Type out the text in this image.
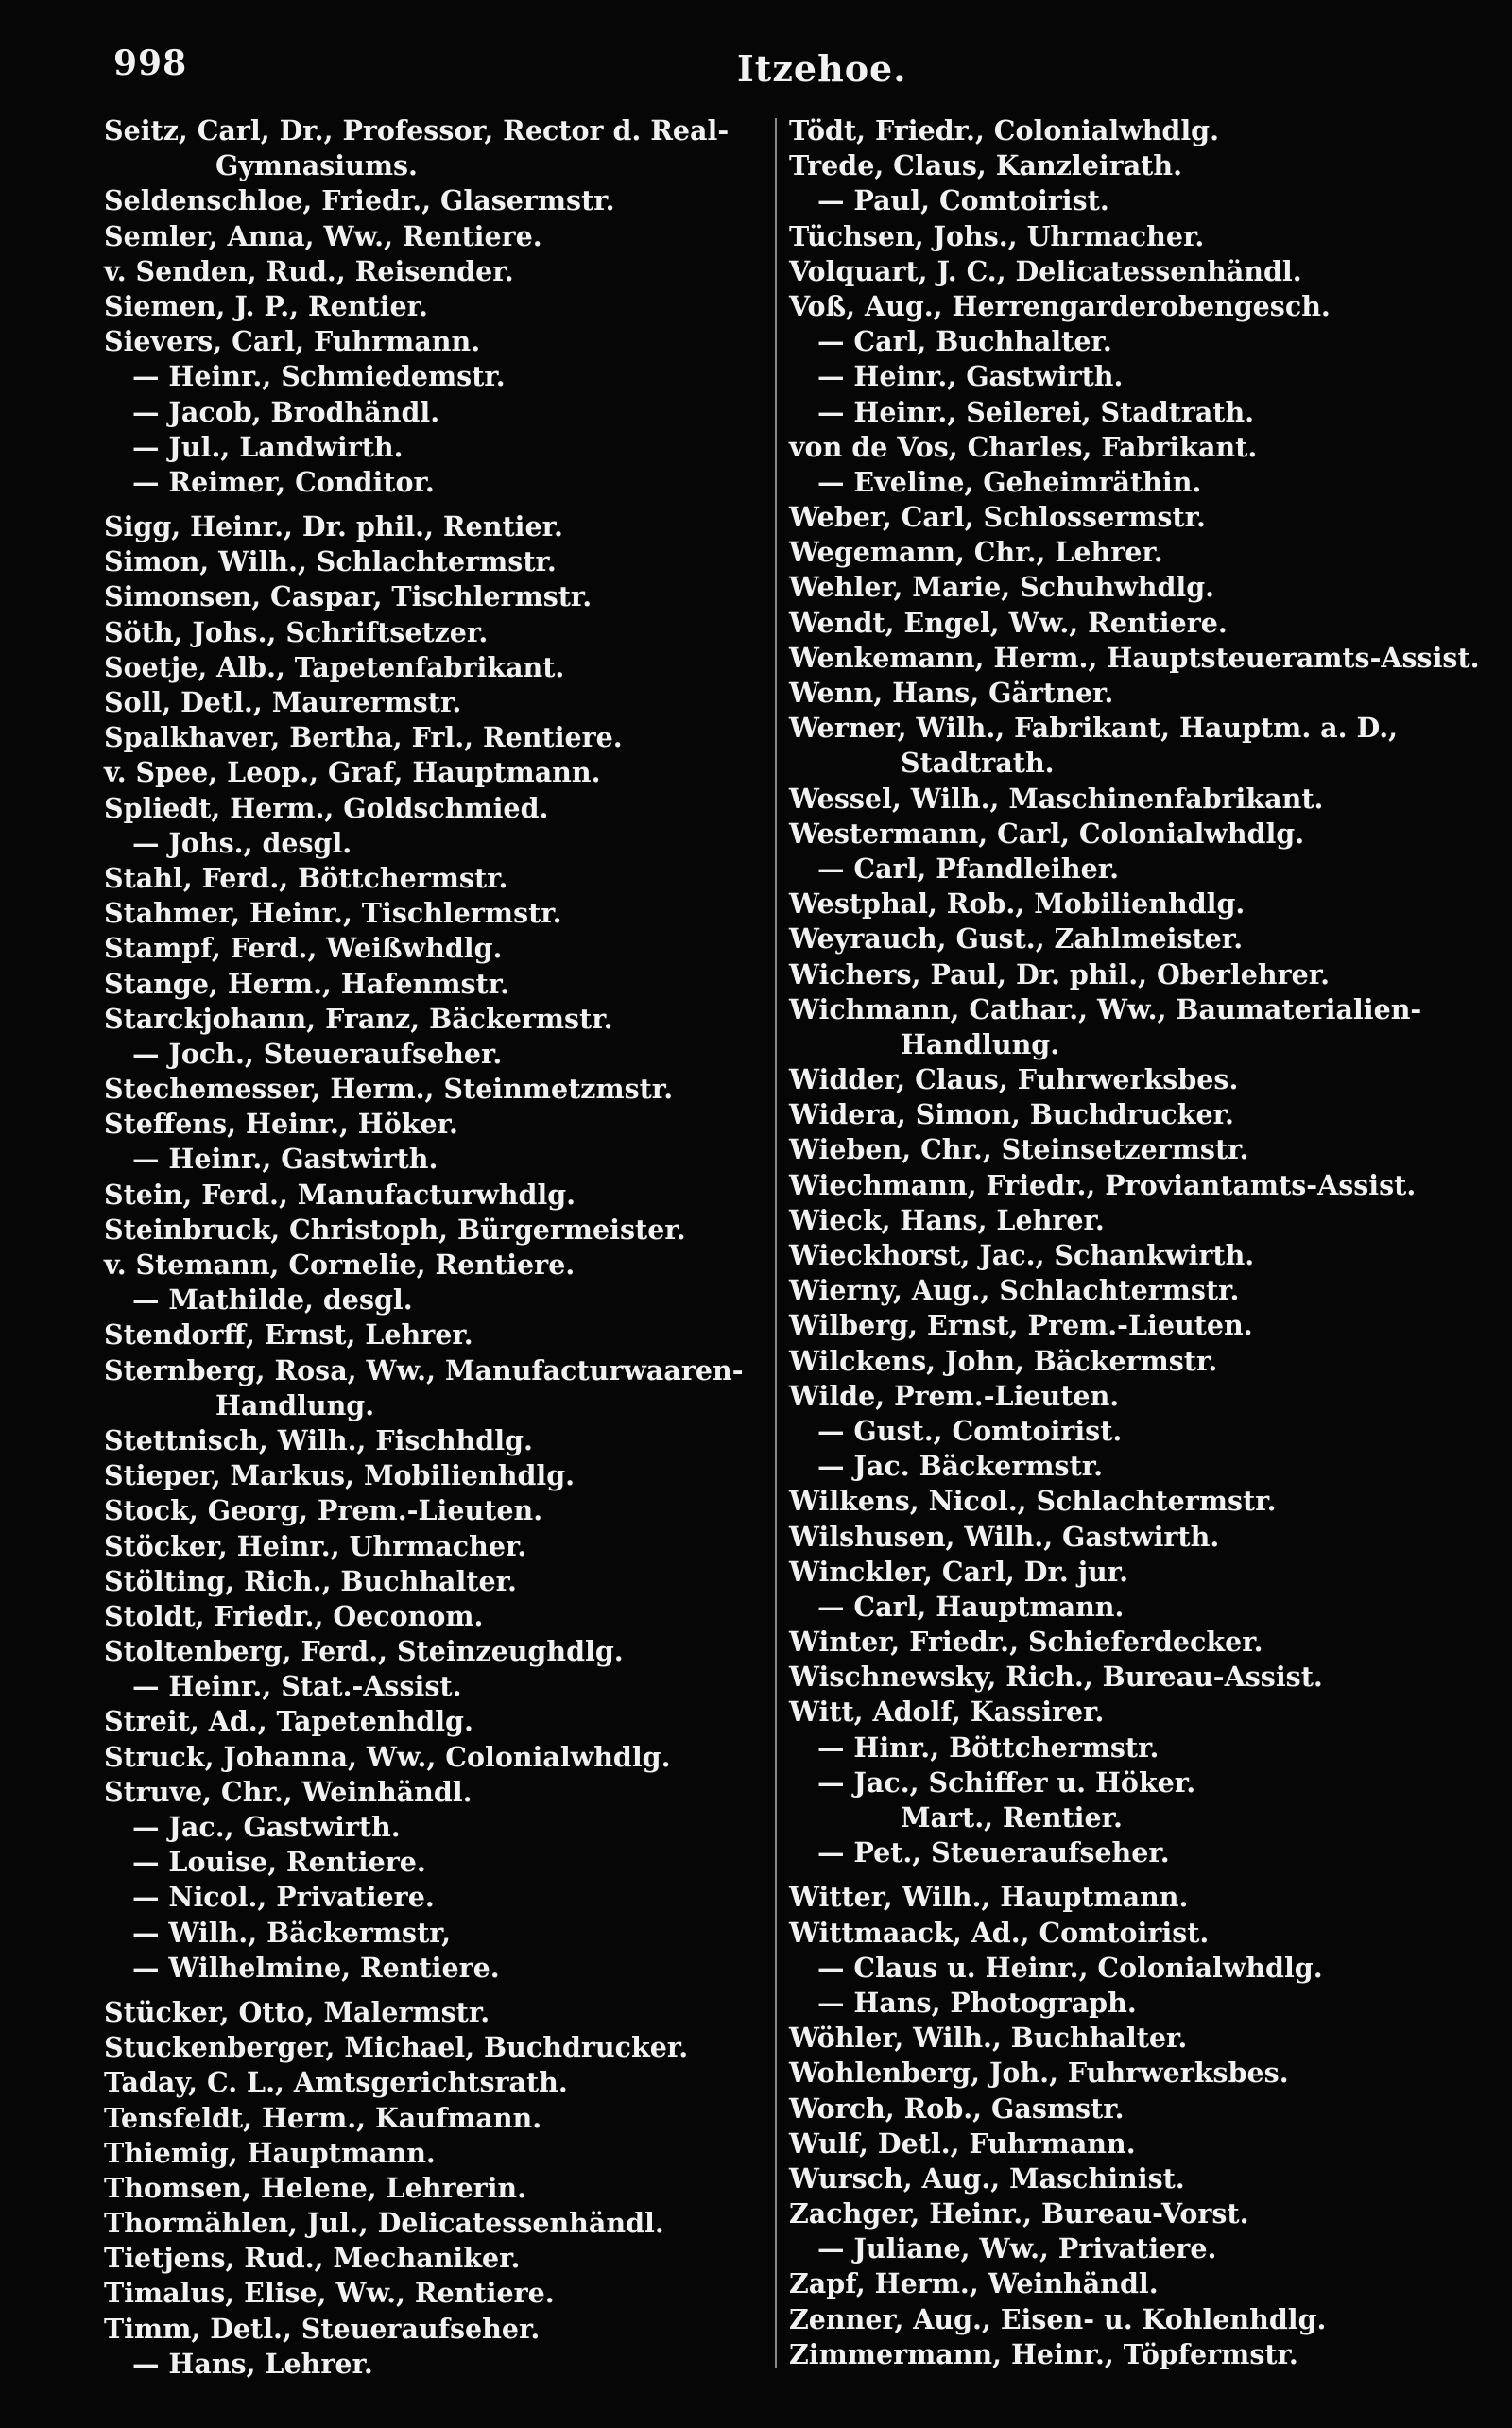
998	Itzehoe.
Seitz, Carl, Dr., Professor, Rector d. Real-
Gymnasiums.
Seldenschloe, Friedr., Glasermstr.
Semler, Anna, Ww., Rentiere.
v. Senden, Rud., Reisender.
Siemen, J. P., Rentier.
Sievers, Carl, Fuhrmann.
— Heinr., Schmiedemstr.
— Jacob, Brodhändl.
— Jul., Landwirth.
— Reimer, Conditor.
Sigg, Heinr., Dr. phil., Rentier.
Simon, Wilh., Schlachtermstr.
Simonsen, Caspar, Tischlermstr.
Söth, Johs., Schriftsetzer.
Soetje, Alb., Tapetenfabrikant.
Soll, Detl., Maurermstr.
Spalkhaver, Bertha, Frl., Rentiere.
v. Spee, Leop., Graf, Hauptmann.
Spliedt, Herm., Goldschmied.
— Johs., desgl.
Stahl, Ferd., Böttchermstr.
Stahmer, Heinr., Tischlermstr.
Stampf, Ferd., Weißwhdlg.
Stange, Herm., Hafenmstr.
Starckjohann, Franz, Bäckermstr.
— Joch., Steueraufseher.
Stechemesser, Herm., Steinmetzmstr.
Steffens, Heinr., Höker.
— Heinr., Gastwirth.
Stein, Ferd., Manufacturwhdlg.
Steinbruck, Christoph, Bürgermeister.
v. Stemann, Cornelie, Rentiere.
— Mathilde, desgl.
Stendorff, Ernst, Lehrer.
Sternberg, Rosa, Ww., Manufacturwaaren-
Handlung.
Stettnisch, Wilh., Fischhdlg.
Stieper, Markus, Mobilienhdlg.
Stock, Georg, Prem.-Lieuten.
Stöcker, Heinr., Uhrmacher.
Stölting, Rich., Buchhalter.
Stoldt, Friedr., Oeconom.
Stoltenberg, Ferd., Steinzeughdlg.
— Heinr., Stat.-Assist.
Streit, Ad., Tapetenhdlg.
Struck, Johanna, Ww., Colonialwhdlg.
Struve, Chr., Weinhändl.
— Jac., Gastwirth.
— Louise, Rentiere.
— Nicol., Privatiere.
— Wilh., Bäckermstr,
— Wilhelmine, Rentiere.
Stücker, Otto, Malermstr.
Stuckenberger, Michael, Buchdrucker.
Taday, C. L., Amtsgerichtsrath.
Tensfeldt, Herm., Kaufmann.
Thiemig, Hauptmann.
Thomsen, Helene, Lehrerin.
Thormählen, Jul., Delicatessenhändl.
Tietjens, Rud., Mechaniker.
Timalus, Elise, Ww., Rentiere.
Timm, Detl., Steueraufseher.
— Hans, Lehrer.
Tödt, Friedr., Colonialwhdlg.
Trede, Claus, Kanzleirath.
— Paul, Comtoirist.
Tüchsen, Johs., Uhrmacher.
Volquart, J. C., Delicatessenhändl.
Voß, Aug., Herrengarderobengesch.
— Carl, Buchhalter.
— Heinr., Gastwirth.
— Heinr., Seilerei, Stadtrath.
von de Vos, Charles, Fabrikant.
— Eveline, Geheimräthin.
Weber, Carl, Schlossermstr.
Wegemann, Chr., Lehrer.
Wehler, Marie, Schuhwhdlg.
Wendt, Engel, Ww., Rentiere.
Wenkemann, Herm., Hauptsteueramts-Assist.
Wenn, Hans, Gärtner.
Werner, Wilh., Fabrikant, Hauptm. a. D.,
Stadtrath.
Wessel, Wilh., Maschinenfabrikant.
Westermann, Carl, Colonialwhdlg.
— Carl, Pfandleiher.
Westphal, Rob., Mobilienhdlg.
Weyrauch, Gust., Zahlmeister.
Wichers, Paul, Dr. phil., Oberlehrer.
Wichmann, Cathar., Ww., Baumaterialien-
Handlung.
Widder, Claus, Fuhrwerksbes.
Widera, Simon, Buchdrucker.
Wieben, Chr., Steinsetzermstr.
Wiechmann, Friedr., Proviantamts-Assist.
Wieck, Hans, Lehrer.
Wieckhorst, Jac., Schankwirth.
Wierny, Aug., Schlachtermstr.
Wilberg, Ernst, Prem.-Lieuten.
Wilckens, John, Bäckermstr.
Wilde, Prem.-Lieuten.
— Gust., Comtoirist.
— Jac. Bäckermstr.
Wilkens, Nicol., Schlachtermstr.
Wilshusen, Wilh., Gastwirth.
Winckler, Carl, Dr. jur.
— Carl, Hauptmann.
Winter, Friedr., Schieferdecker.
Wischnewsky, Rich., Bureau-Assist.
Witt, Adolf, Kassirer.
— Hinr., Böttchermstr.
— Jac., Schiffer u. Höker.
Mart., Rentier.
— Pet., Steueraufseher.
Witter, Wilh., Hauptmann.
Wittmaack, Ad., Comtoirist.
— Claus u. Heinr., Colonialwhdlg.
— Hans, Photograph.
Wöhler, Wilh., Buchhalter.
Wohlenberg, Joh., Fuhrwerksbes.
Worch, Rob., Gasmstr.
Wulf, Detl., Fuhrmann.
Wursch, Aug., Maschinist.
Zachger, Heinr., Bureau-Vorst.
— Juliane, Ww., Privatiere.
Zapf, Herm., Weinhändl.
Zenner, Aug., Eisen- u. Kohlenhdlg.
Zimmermann, Heinr., Töpfermstr.
